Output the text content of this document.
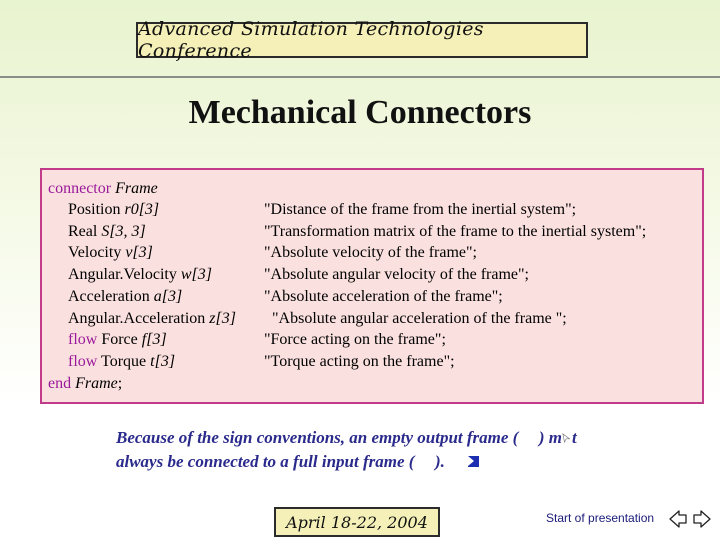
Advanced Simulation Technologies Conference
Mechanical Connectors
connector Frame
Position r0[3]	"Distance of the frame from the inertial system";
Real S[3, 3]	"Transformation matrix of the frame to the inertial system";
Velocity v[3]	"Absolute velocity of the frame";
Angular.Velocity w[3]	"Absolute angular velocity of the frame";
Acceleration a[3]	"Absolute acceleration of the frame";
Angular.Acceleration z[3] "Absolute angular acceleration of the frame ";
flow Force f[3]	"Force acting on the frame";
flow Torque t[3]	"Torque acting on the frame";
end Frame;
Because of the sign conventions, an empty output frame ( ) m t
always be connected to a full input frame ( ).
April 18-22, 2004	Start of presentation
